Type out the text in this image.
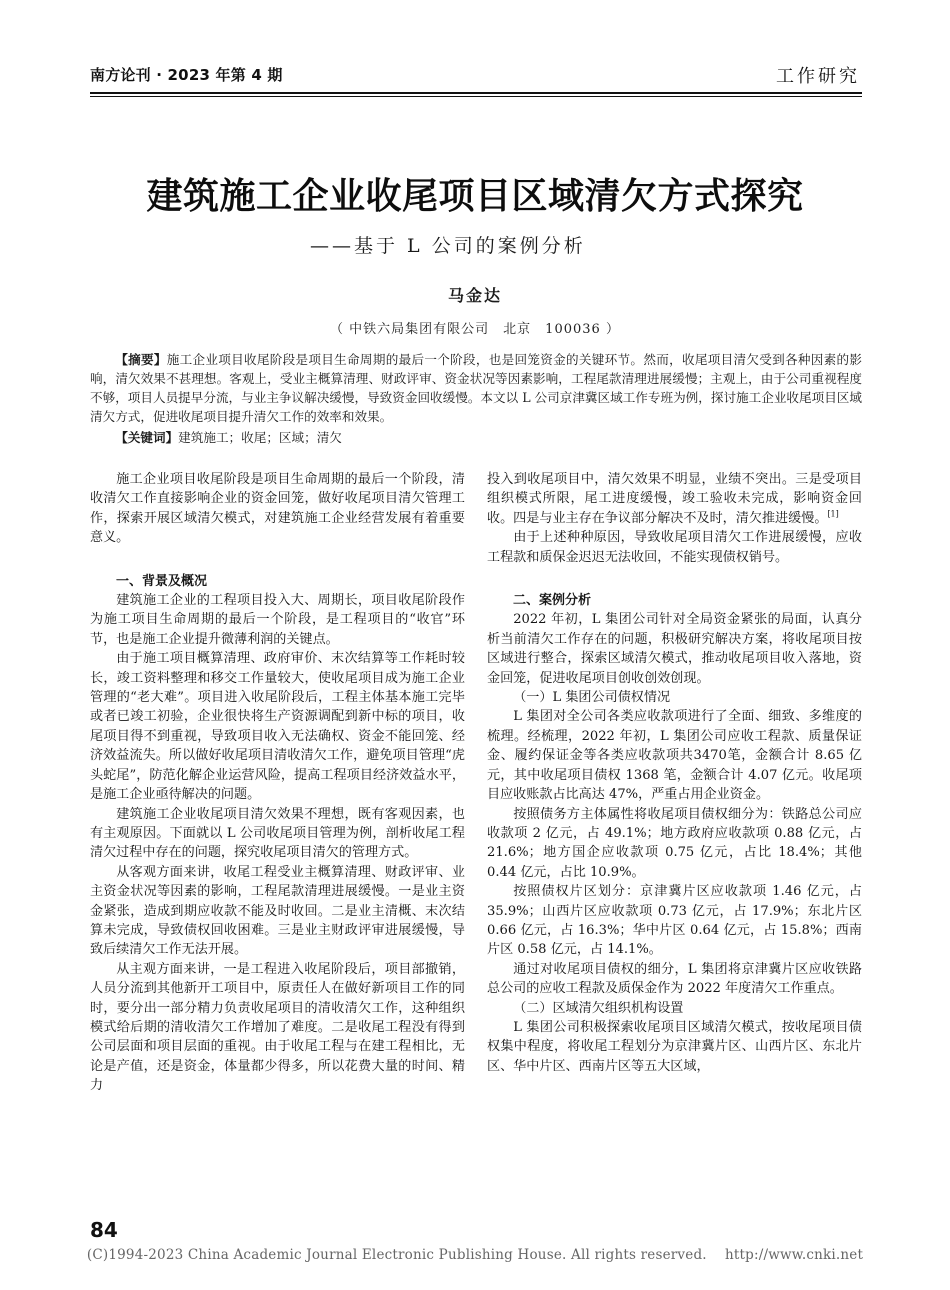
南方论刊 · 2023 年第 4 期	工作研究
建筑施工企业收尾项目区域清欠方式探究
——基于 L 公司的案例分析
马金达
（ 中铁六局集团有限公司　北京　100036 ）
【摘要】施工企业项目收尾阶段是项目生命周期的最后一个阶段，也是回笼资金的关键环节。然而，收尾项目清欠受到各种因素的影响，清欠效果不甚理想。客观上，受业主概算清理、财政评审、资金状况等因素影响，工程尾款清理进展缓慢；主观上，由于公司重视程度不够，项目人员提早分流，与业主争议解决缓慢，导致资金回收缓慢。本文以 L 公司京津冀区域工作专班为例，探讨施工企业收尾项目区域清欠方式，促进收尾项目提升清欠工作的效率和效果。
【关键词】建筑施工；收尾；区域；清欠

施工企业项目收尾阶段是项目生命周期的最后一个阶段，清收清欠工作直接影响企业的资金回笼，做好收尾项目清欠管理工作，探索开展区域清欠模式，对建筑施工企业经营发展有着重要意义。

一、背景及概况

建筑施工企业的工程项目投入大、周期长，项目收尾阶段作为施工项目生命周期的最后一个阶段，是工程项目的“收官”环节，也是施工企业提升微薄利润的关键点。

由于施工项目概算清理、政府审价、末次结算等工作耗时较长，竣工资料整理和移交工作量较大，使收尾项目成为施工企业管理的“老大难”。项目进入收尾阶段后，工程主体基本施工完毕或者已竣工初验，企业很快将生产资源调配到新中标的项目，收尾项目得不到重视，导致项目收入无法确权、资金不能回笼、经济效益流失。所以做好收尾项目清收清欠工作，避免项目管理“虎头蛇尾”，防范化解企业运营风险，提高工程项目经济效益水平，是施工企业亟待解决的问题。

建筑施工企业收尾项目清欠效果不理想，既有客观因素，也有主观原因。下面就以 L 公司收尾项目管理为例，剖析收尾工程清欠过程中存在的问题，探究收尾项目清欠的管理方式。

从客观方面来讲，收尾工程受业主概算清理、财政评审、业主资金状况等因素的影响，工程尾款清理进展缓慢。一是业主资金紧张，造成到期应收款不能及时收回。二是业主清概、末次结算未完成，导致债权回收困难。三是业主财政评审进展缓慢，导致后续清欠工作无法开展。

从主观方面来讲，一是工程进入收尾阶段后，项目部撤销，人员分流到其他新开工项目中，原责任人在做好新项目工作的同时，要分出一部分精力负责收尾项目的清收清欠工作，这种组织模式给后期的清收清欠工作增加了难度。二是收尾工程没有得到公司层面和项目层面的重视。由于收尾工程与在建工程相比，无论是产值，还是资金，体量都少得多，所以花费大量的时间、精力

投入到收尾项目中，清欠效果不明显，业绩不突出。三是受项目组织模式所限，尾工进度缓慢，竣工验收未完成，影响资金回收。四是与业主存在争议部分解决不及时，清欠推进缓慢。[1]

由于上述种种原因，导致收尾项目清欠工作进展缓慢，应收工程款和质保金迟迟无法收回，不能实现债权销号。

二、案例分析

2022 年初，L 集团公司针对全局资金紧张的局面，认真分析当前清欠工作存在的问题，积极研究解决方案，将收尾项目按区域进行整合，探索区域清欠模式，推动收尾项目收入落地，资金回笼，促进收尾项目创收创效创现。

（一）L 集团公司债权情况

L 集团对全公司各类应收款项进行了全面、细致、多维度的梳理。经梳理，2022 年初，L 集团公司应收工程款、质量保证金、履约保证金等各类应收款项共3470笔，金额合计 8.65 亿元，其中收尾项目债权 1368 笔，金额合计 4.07 亿元。收尾项目应收账款占比高达 47%，严重占用企业资金。

按照债务方主体属性将收尾项目债权细分为：铁路总公司应收款项 2 亿元，占 49.1%；地方政府应收款项 0.88 亿元，占 21.6%；地方国企应收款项 0.75 亿元，占比 18.4%；其他 0.44 亿元，占比 10.9%。

按照债权片区划分：京津冀片区应收款项 1.46 亿元，占 35.9%；山西片区应收款项 0.73 亿元，占 17.9%；东北片区 0.66 亿元，占 16.3%；华中片区 0.64 亿元，占 15.8%；西南片区 0.58 亿元，占 14.1%。

通过对收尾项目债权的细分，L 集团将京津冀片区应收铁路总公司的应收工程款及质保金作为 2022 年度清欠工作重点。

（二）区域清欠组织机构设置

L 集团公司积极探索收尾项目区域清欠模式，按收尾项目债权集中程度，将收尾工程划分为京津冀片区、山西片区、东北片区、华中片区、西南片区等五大区域，

84
(C)1994-2023 China Academic Journal Electronic Publishing House. All rights reserved.　 http://www.cnki.net
